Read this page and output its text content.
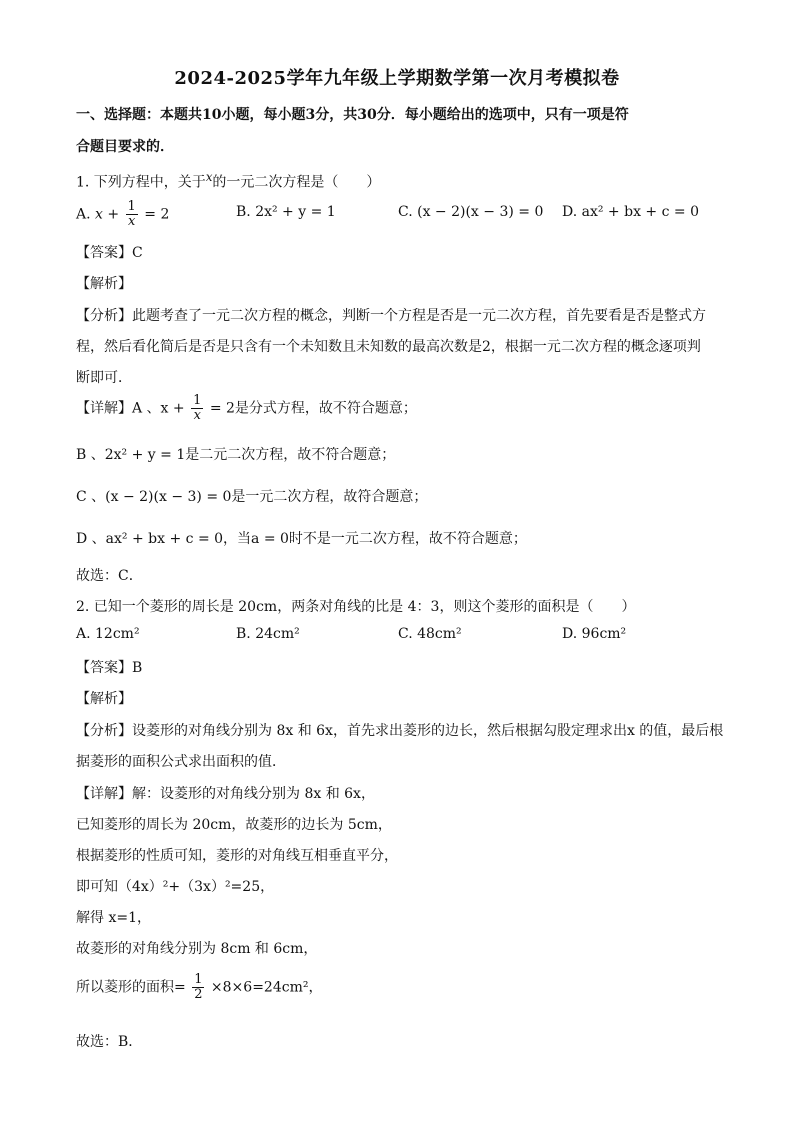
2024-2025学年九年级上学期数学第一次月考模拟卷
一、选择题：本题共10小题，每小题3分，共30分．每小题给出的选项中，只有一项是符
合题目要求的．
1. 下列方程中，关于$^x$的一元二次方程是（　　）
A. $x + \frac{1}{x} = 2$	B. 2x² + y = 1	C. (x − 2)(x − 3) = 0 D. ax² + bx + c = 0
【答案】C
【解析】
【分析】此题考查了一元二次方程的概念，判断一个方程是否是一元二次方程，首先要看是否是整式方
程，然后看化简后是否是只含有一个未知数且未知数的最高次数是2，根据一元二次方程的概念逐项判
断即可．
【详解】A 、$x + \frac{1}{x} = 2$是分式方程，故不符合题意；
B 、2x² + y = 1是二元二次方程，故不符合题意；
C 、(x − 2)(x − 3) = 0是一元二次方程，故符合题意；
D 、ax² + bx + c = 0，当a = 0时不是一元二次方程，故不符合题意；
故选：C．
2. 已知一个菱形的周长是 20cm，两条对角线的比是 4：3，则这个菱形的面积是（　　）
A. 12cm²	B. 24cm²	C. 48cm²	D. 96cm²
【答案】B
【解析】
【分析】设菱形的对角线分别为 8x 和 6x，首先求出菱形的边长，然后根据勾股定理求出x 的值，最后根
据菱形的面积公式求出面积的值．
【详解】解：设菱形的对角线分别为 8x 和 6x，
已知菱形的周长为 20cm，故菱形的边长为 5cm，
根据菱形的性质可知，菱形的对角线互相垂直平分，
即可知（4x）²+（3x）²=25，
解得 x=1，
故菱形的对角线分别为 8cm 和 6cm，
所以菱形的面积= $\frac{1}{2} \times 8\times 6=24cm^2$，
故选：B．
